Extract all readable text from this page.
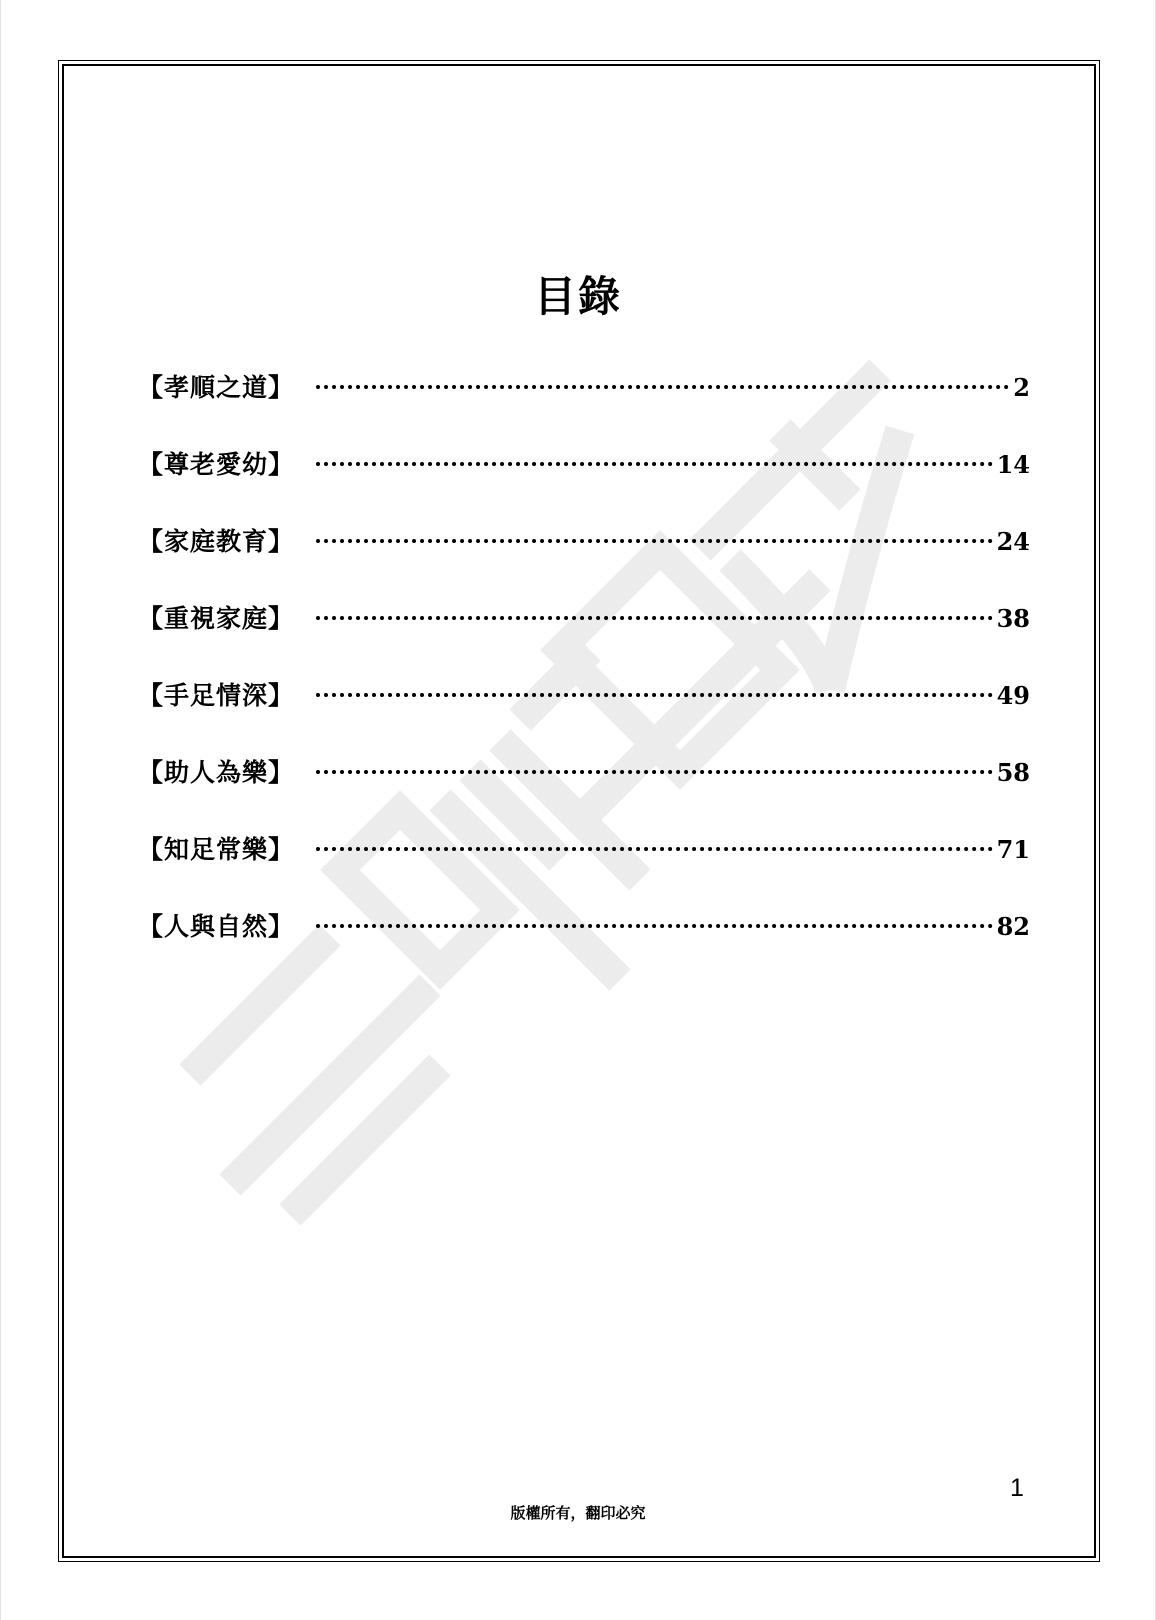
目錄
【孝順之道】	2
【尊老愛幼】	14
【家庭教育】	24
【重視家庭】	38
【手足情深】	49
【助人為樂】	58
【知足常樂】	71
【人與自然】	82
1
版權所有，翻印必究
